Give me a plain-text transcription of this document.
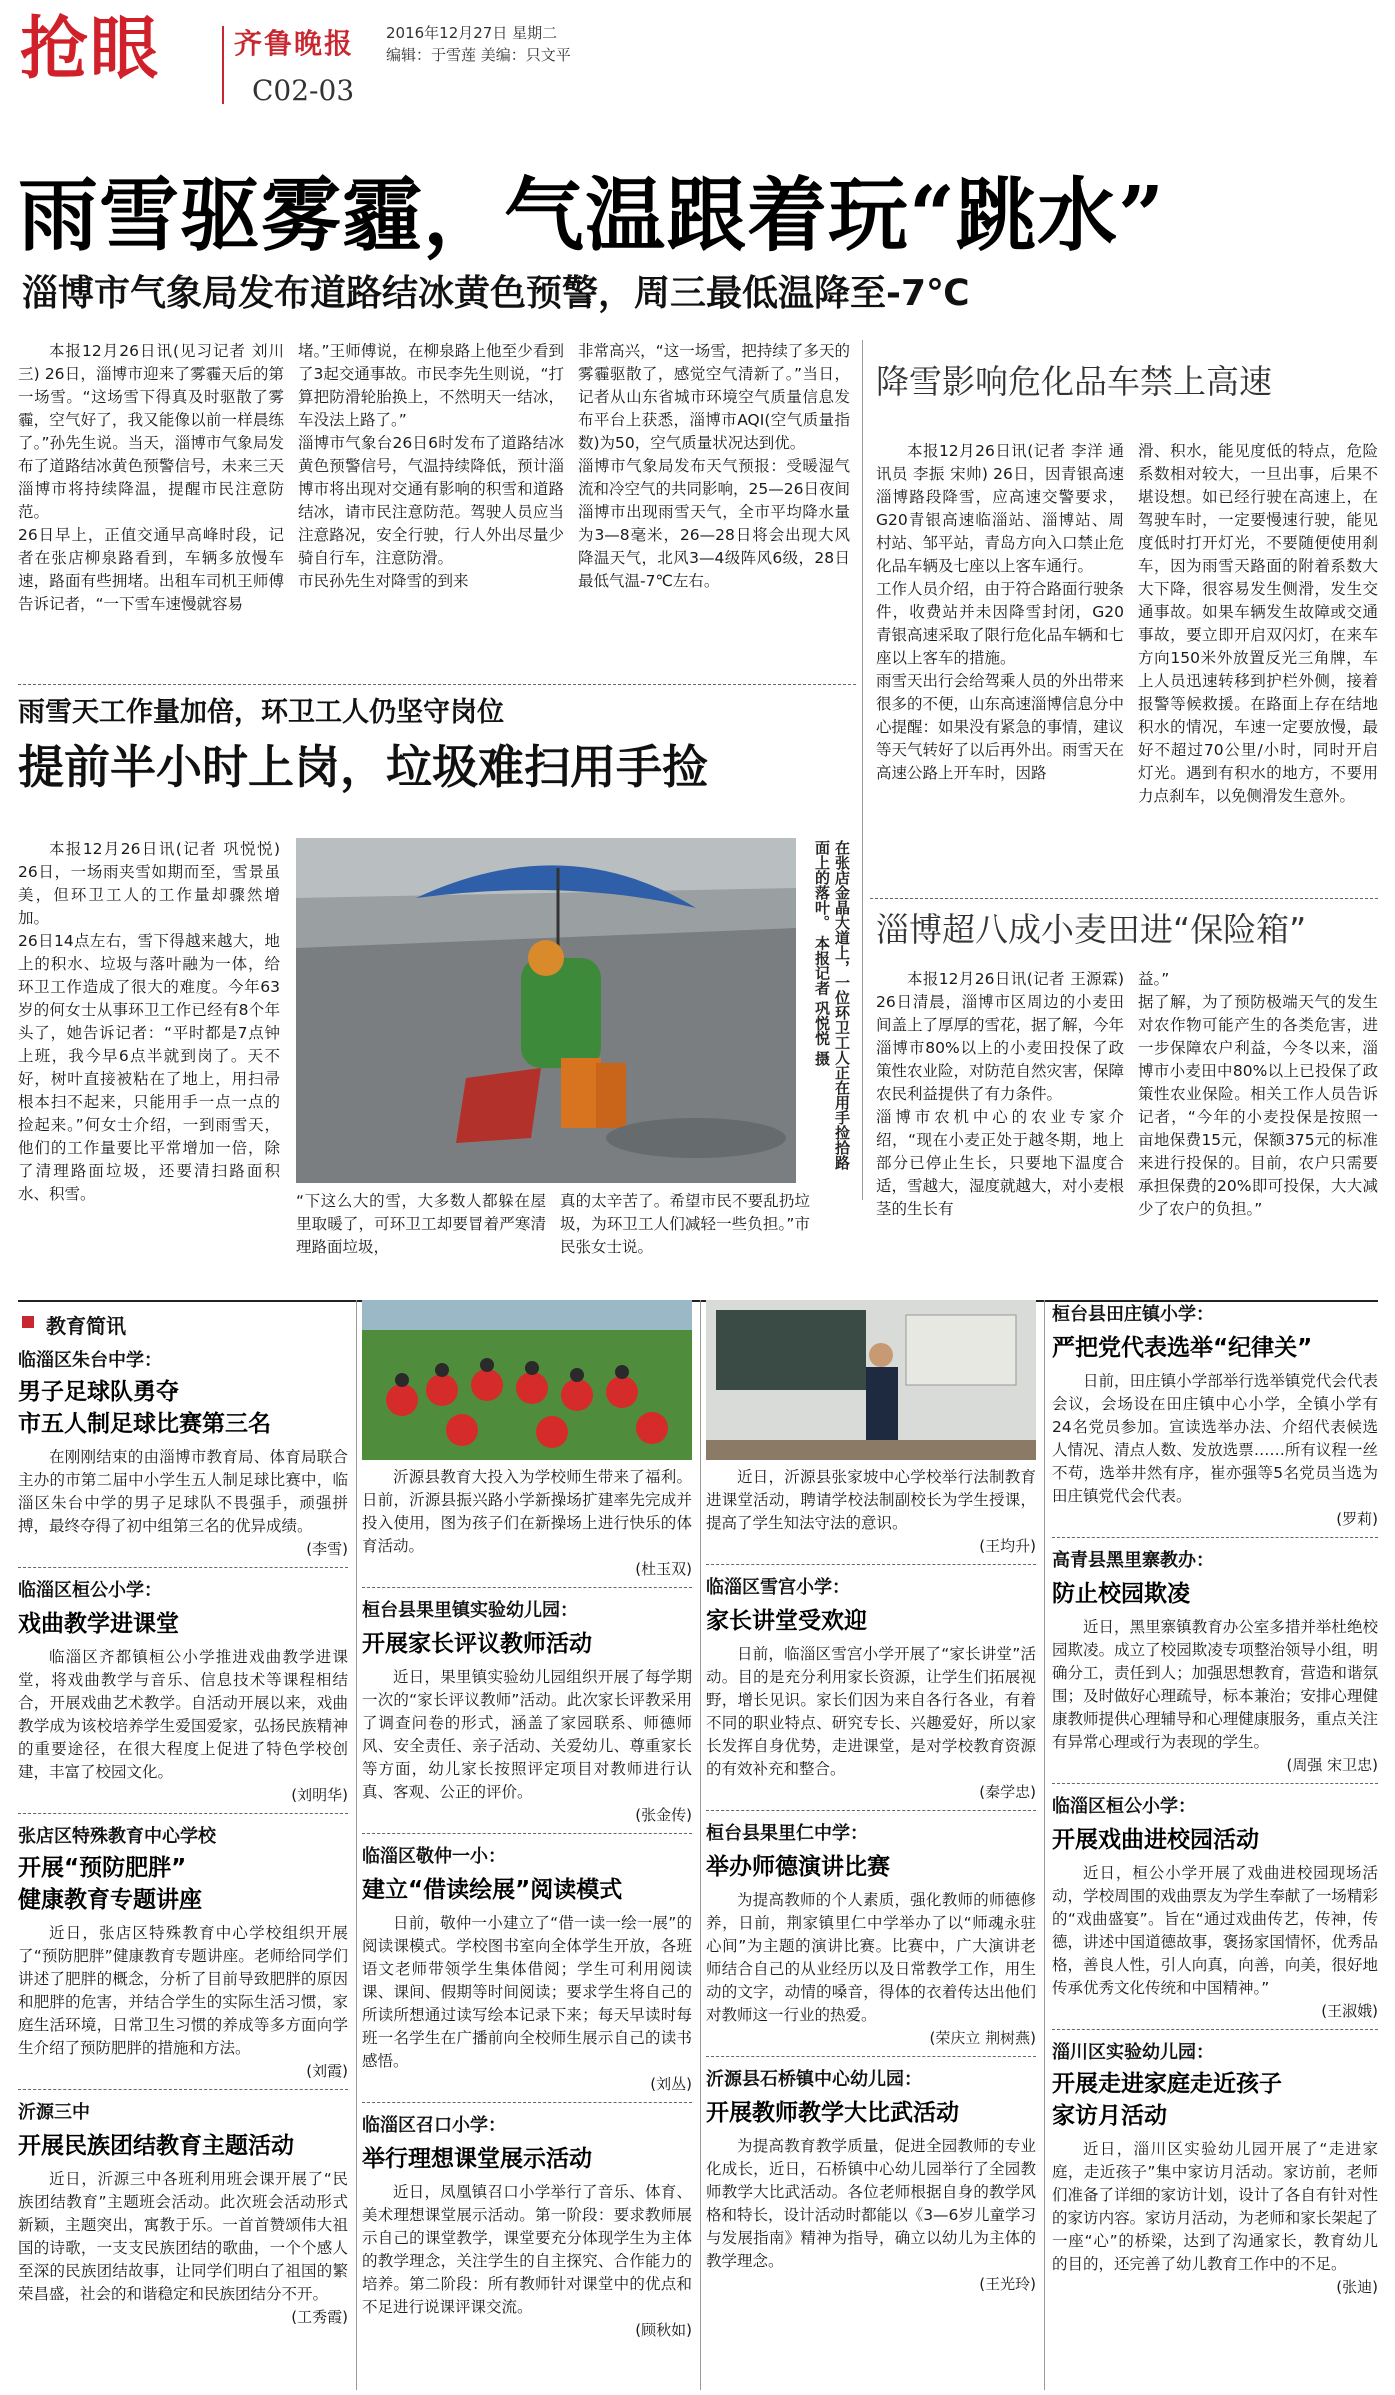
抢眼	齐鲁晚报 2016年12月27日 星期二
编辑：于雪莲 美编：只文平
C02-03
雨雪驱雾霾，气温跟着玩“跳水”
淄博市气象局发布道路结冰黄色预警，周三最低温降至-7℃
本报12月26日讯(见习记者 刘川三) 26日，淄博市迎来了雾霾天后的第一场雪。“这场雪下得真及时驱散了雾霾，空气好了，我又能像以前一样晨练了。”孙先生说。当天，淄博市气象局发布了道路结冰黄色预警信号，未来三天淄博市将持续降温，提醒市民注意防范。
26日早上，正值交通早高峰时段，记者在张店柳泉路看到，车辆多放慢车速，路面有些拥堵。出租车司机王师傅告诉记者，“一下雪车速慢就容易
堵。”王师傅说，在柳泉路上他至少看到了3起交通事故。市民李先生则说，“打算把防滑轮胎换上，不然明天一结冰，车没法上路了。”
淄博市气象台26日6时发布了道路结冰黄色预警信号，气温持续降低，预计淄博市将出现对交通有影响的积雪和道路结冰，请市民注意防范。驾驶人员应当注意路况，安全行驶，行人外出尽量少骑自行车，注意防滑。
市民孙先生对降雪的到来
非常高兴，“这一场雪，把持续了多天的雾霾驱散了，感觉空气清新了。”当日，记者从山东省城市环境空气质量信息发布平台上获悉，淄博市AQI(空气质量指数)为50，空气质量状况达到优。
淄博市气象局发布天气预报：受暖湿气流和冷空气的共同影响，25—26日夜间淄博市出现雨雪天气，全市平均降水量为3—8毫米，26—28日将会出现大风降温天气，北风3—4级阵风6级，28日最低气温-7℃左右。
降雪影响危化品车禁上高速
本报12月26日讯(记者 李洋 通讯员 李振 宋帅) 26日，因青银高速淄博路段降雪，应高速交警要求，G20青银高速临淄站、淄博站、周村站、邹平站，青岛方向入口禁止危化品车辆及七座以上客车通行。
工作人员介绍，由于符合路面行驶条件，收费站并未因降雪封闭，G20青银高速采取了限行危化品车辆和七座以上客车的措施。
雨雪天出行会给驾乘人员的外出带来很多的不便，山东高速淄博信息分中心提醒：如果没有紧急的事情，建议等天气转好了以后再外出。雨雪天在高速公路上开车时，因路
滑、积水，能见度低的特点，危险系数相对较大，一旦出事，后果不堪设想。如已经行驶在高速上，在驾驶车时，一定要慢速行驶，能见度低时打开灯光，不要随便使用刹车，因为雨雪天路面的附着系数大大下降，很容易发生侧滑，发生交通事故。如果车辆发生故障或交通事故，要立即开启双闪灯，在来车方向150米外放置反光三角牌，车上人员迅速转移到护栏外侧，接着报警等候救援。在路面上存在结地积水的情况，车速一定要放慢，最好不超过70公里/小时，同时开启灯光。遇到有积水的地方，不要用力点刹车，以免侧滑发生意外。
淄博超八成小麦田进“保险箱”
本报12月26日讯(记者 王源霖) 26日清晨，淄博市区周边的小麦田间盖上了厚厚的雪花，据了解，今年淄博市80%以上的小麦田投保了政策性农业险，对防范自然灾害，保障农民利益提供了有力条件。
淄博市农机中心的农业专家介绍，“现在小麦正处于越冬期，地上部分已停止生长，只要地下温度合适，雪越大，湿度就越大，对小麦根茎的生长有
益。”
据了解，为了预防极端天气的发生对农作物可能产生的各类危害，进一步保障农户利益，今冬以来，淄博市小麦田中80%以上已投保了政策性农业保险。相关工作人员告诉记者，“今年的小麦投保是按照一亩地保费15元，保额375元的标准来进行投保的。目前，农户只需要承担保费的20%即可投保，大大减少了农户的负担。”
雨雪天工作量加倍，环卫工人仍坚守岗位
提前半小时上岗，垃圾难扫用手捡
本报12月26日讯(记者 巩悦悦) 26日，一场雨夹雪如期而至，雪景虽美，但环卫工人的工作量却骤然增加。
26日14点左右，雪下得越来越大，地上的积水、垃圾与落叶融为一体，给环卫工作造成了很大的难度。今年63岁的何女士从事环卫工作已经有8个年头了，她告诉记者：“平时都是7点钟上班，我今早6点半就到岗了。天不好，树叶直接被粘在了地上，用扫帚根本扫不起来，只能用手一点一点的捡起来。”何女士介绍，一到雨雪天，他们的工作量要比平常增加一倍，除了清理路面垃圾，还要清扫路面积水、积雪。
在张店金晶大道上，一位环卫工人正在用手捡拾路面上的落叶。 本报记者 巩悦悦 摄
“下这么大的雪，大多数人都躲在屋里取暖了，可环卫工却要冒着严寒清理路面垃圾，
真的太辛苦了。希望市民不要乱扔垃圾，为环卫工人们减轻一些负担。”市民张女士说。
教育简讯
临淄区朱台中学：
男子足球队勇夺
市五人制足球比赛第三名
在刚刚结束的由淄博市教育局、体育局联合主办的市第二届中小学生五人制足球比赛中，临淄区朱台中学的男子足球队不畏强手，顽强拼搏，最终夺得了初中组第三名的优异成绩。
(李雪)
临淄区桓公小学：
戏曲教学进课堂
临淄区齐都镇桓公小学推进戏曲教学进课堂，将戏曲教学与音乐、信息技术等课程相结合，开展戏曲艺术教学。自活动开展以来，戏曲教学成为该校培养学生爱国爱家，弘扬民族精神的重要途径，在很大程度上促进了特色学校创建，丰富了校园文化。
(刘明华)
张店区特殊教育中心学校
开展“预防肥胖”
健康教育专题讲座
近日，张店区特殊教育中心学校组织开展了“预防肥胖”健康教育专题讲座。老师给同学们讲述了肥胖的概念，分析了目前导致肥胖的原因和肥胖的危害，并结合学生的实际生活习惯，家庭生活环境，日常卫生习惯的养成等多方面向学生介绍了预防肥胖的措施和方法。
(刘霞)
沂源三中
开展民族团结教育主题活动
近日，沂源三中各班利用班会课开展了“民族团结教育”主题班会活动。此次班会活动形式新颖，主题突出，寓教于乐。一首首赞颂伟大祖国的诗歌，一支支民族团结的歌曲，一个个感人至深的民族团结故事，让同学们明白了祖国的繁荣昌盛，社会的和谐稳定和民族团结分不开。
(工秀霞)
沂源县教育大投入为学校师生带来了福利。日前，沂源县振兴路小学新操场扩建率先完成并投入使用，图为孩子们在新操场上进行快乐的体育活动。
(杜玉双)
桓台县果里镇实验幼儿园：
开展家长评议教师活动
近日，果里镇实验幼儿园组织开展了每学期一次的“家长评议教师”活动。此次家长评教采用了调查问卷的形式，涵盖了家园联系、师德师风、安全责任、亲子活动、关爱幼儿、尊重家长等方面，幼儿家长按照评定项目对教师进行认真、客观、公正的评价。
(张金传)
临淄区敬仲一小：
建立“借读绘展”阅读模式
日前，敬仲一小建立了“借一读一绘一展”的阅读课模式。学校图书室向全体学生开放，各班语文老师带领学生集体借阅；学生可利用阅读课、课间、假期等时间阅读；要求学生将自己的所读所想通过读写绘本记录下来；每天早读时每班一名学生在广播前向全校师生展示自己的读书感悟。
(刘丛)
临淄区召口小学：
举行理想课堂展示活动
近日，凤凰镇召口小学举行了音乐、体育、美术理想课堂展示活动。第一阶段：要求教师展示自己的课堂教学，课堂要充分体现学生为主体的教学理念，关注学生的自主探究、合作能力的培养。第二阶段：所有教师针对课堂中的优点和不足进行说课评课交流。
(顾秋如)
近日，沂源县张家坡中心学校举行法制教育进课堂活动，聘请学校法制副校长为学生授课，提高了学生知法守法的意识。
(王均升)
临淄区雪宫小学：
家长讲堂受欢迎
日前，临淄区雪宫小学开展了“家长讲堂”活动。目的是充分利用家长资源，让学生们拓展视野，增长见识。家长们因为来自各行各业，有着不同的职业特点、研究专长、兴趣爱好，所以家长发挥自身优势，走进课堂，是对学校教育资源的有效补充和整合。
(秦学忠)
桓台县果里仁中学：
举办师德演讲比赛
为提高教师的个人素质，强化教师的师德修养，日前，荆家镇里仁中学举办了以“师魂永驻心间”为主题的演讲比赛。比赛中，广大演讲老师结合自己的从业经历以及日常教学工作，用生动的文字，动情的嗓音，得体的衣着传达出他们对教师这一行业的热爱。
(荣庆立 荆树燕)
沂源县石桥镇中心幼儿园：
开展教师教学大比武活动
为提高教育教学质量，促进全园教师的专业化成长，近日，石桥镇中心幼儿园举行了全园教师教学大比武活动。各位老师根据自身的教学风格和特长，设计活动时都能以《3—6岁儿童学习与发展指南》精神为指导，确立以幼儿为主体的教学理念。
(王光玲)
桓台县田庄镇小学：
严把党代表选举“纪律关”
日前，田庄镇小学部举行选举镇党代会代表会议，会场设在田庄镇中心小学，全镇小学有24名党员参加。宣读选举办法、介绍代表候选人情况、清点人数、发放选票……所有议程一丝不苟，选举井然有序，崔亦强等5名党员当选为田庄镇党代会代表。
(罗莉)
高青县黑里寨教办：
防止校园欺凌
近日，黑里寨镇教育办公室多措并举杜绝校园欺凌。成立了校园欺凌专项整治领导小组，明确分工，责任到人；加强思想教育，营造和谐氛围；及时做好心理疏导，标本兼治；安排心理健康教师提供心理辅导和心理健康服务，重点关注有异常心理或行为表现的学生。
(周强 宋卫忠)
临淄区桓公小学：
开展戏曲进校园活动
近日，桓公小学开展了戏曲进校园现场活动，学校周围的戏曲票友为学生奉献了一场精彩的“戏曲盛宴”。旨在“通过戏曲传艺，传神，传德，讲述中国道德故事，褒扬家国情怀，优秀品格，善良人性，引人向真，向善，向美，很好地传承优秀文化传统和中国精神。”
(王淑娥)
淄川区实验幼儿园：
开展走进家庭走近孩子
家访月活动
近日，淄川区实验幼儿园开展了“走进家庭，走近孩子”集中家访月活动。家访前，老师们准备了详细的家访计划，设计了各自有针对性的家访内容。家访月活动，为老师和家长架起了一座“心”的桥梁，达到了沟通家长，教育幼儿的目的，还完善了幼儿教育工作中的不足。
(张迪)
